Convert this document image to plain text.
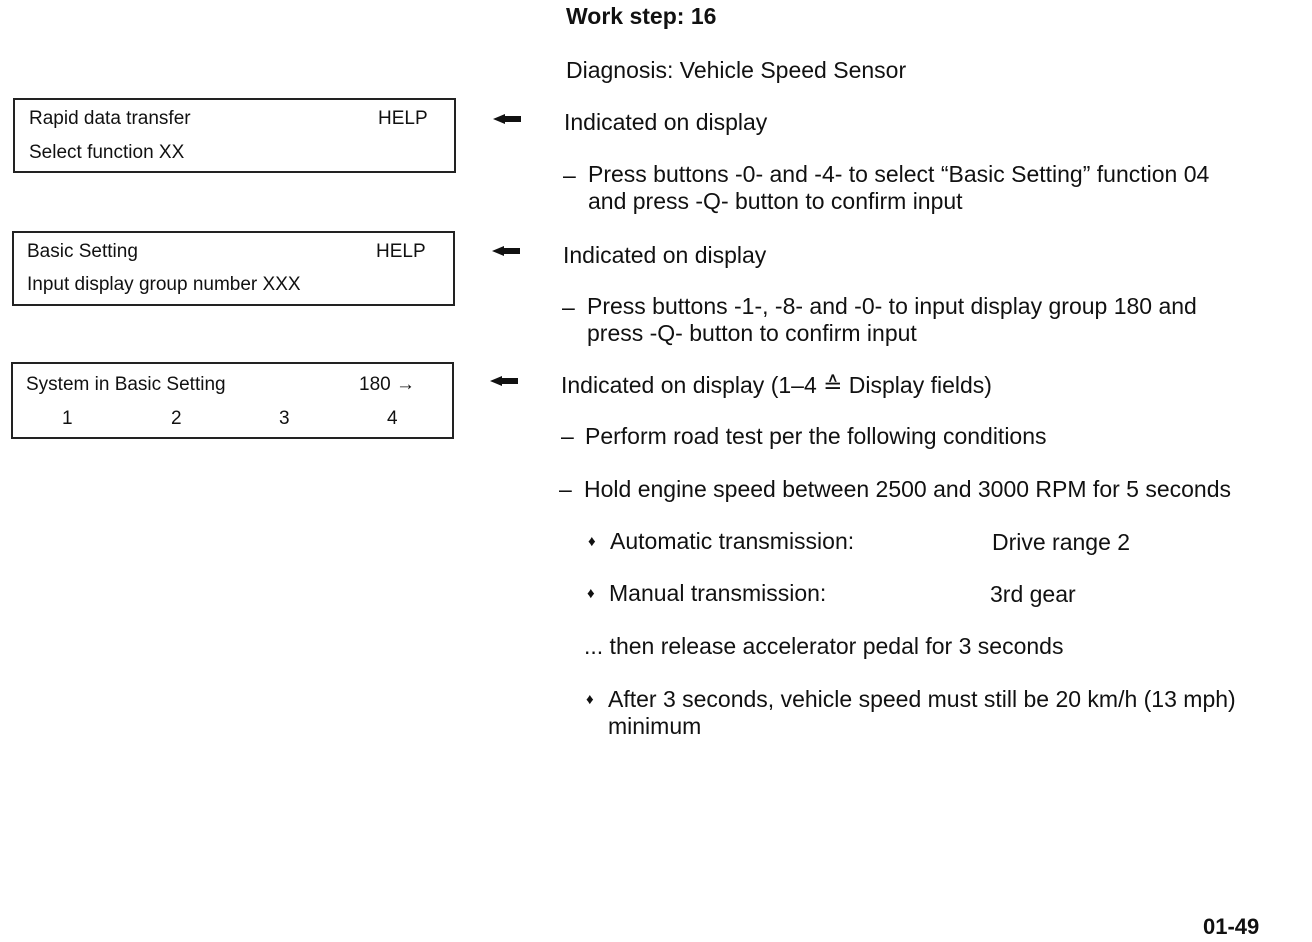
Work step: 16
Diagnosis: Vehicle Speed Sensor
Rapid data transfer	HELP
Select function XX
Basic Setting	HELP
Input display group number XXX
System in Basic Setting	180 →
1	2	3	4
Indicated on display
– Press buttons -0- and -4- to select “Basic Setting” function 04
and press -Q- button to confirm input
Indicated on display
– Press buttons -1-, -8- and -0- to input display group 180 and
press -Q- button to confirm input
Indicated on display (1–4 ≙ Display fields)
– Perform road test per the following conditions
– Hold engine speed between 2500 and 3000 RPM for 5 seconds
♦ Automatic transmission:	Drive range 2
♦ Manual transmission:	3rd gear
... then release accelerator pedal for 3 seconds
♦ After 3 seconds, vehicle speed must still be 20 km/h (13 mph)
minimum
01-49
